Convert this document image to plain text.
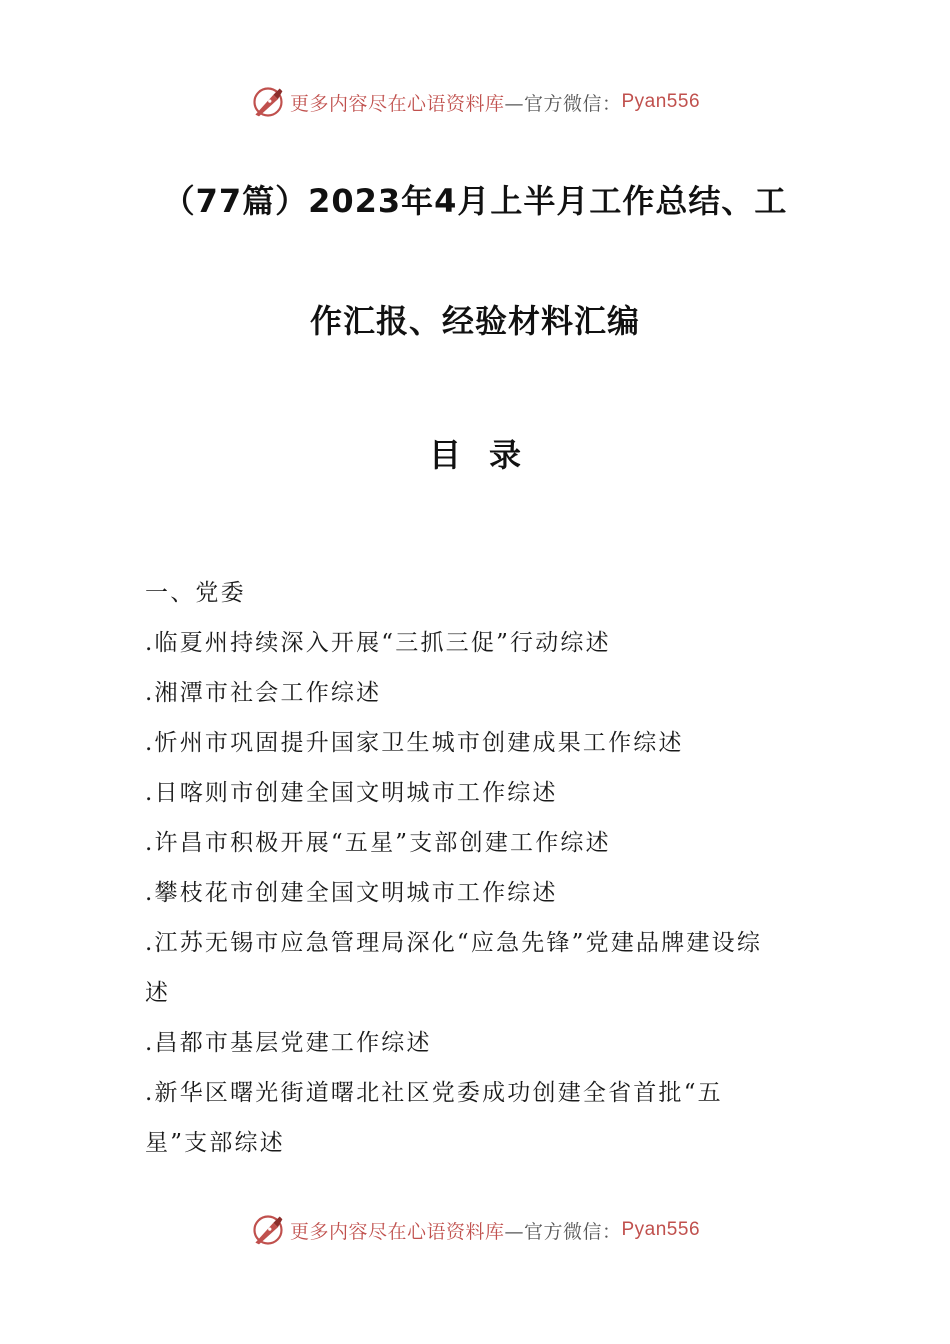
更多内容尽在心语资料库 —官方微信： Pyan556
（77篇）2023年4月上半月工作总结、工
作汇报、经验材料汇编
目 录

一、党委

.临夏州持续深入开展“三抓三促”行动综述

.湘潭市社会工作综述

.忻州市巩固提升国家卫生城市创建成果工作综述

.日喀则市创建全国文明城市工作综述

.许昌市积极开展“五星”支部创建工作综述

.攀枝花市创建全国文明城市工作综述

.江苏无锡市应急管理局深化“应急先锋”党建品牌建设综

述

.昌都市基层党建工作综述

.新华区曙光街道曙北社区党委成功创建全省首批“五

星”支部综述

更多内容尽在心语资料库 —官方微信： Pyan556
